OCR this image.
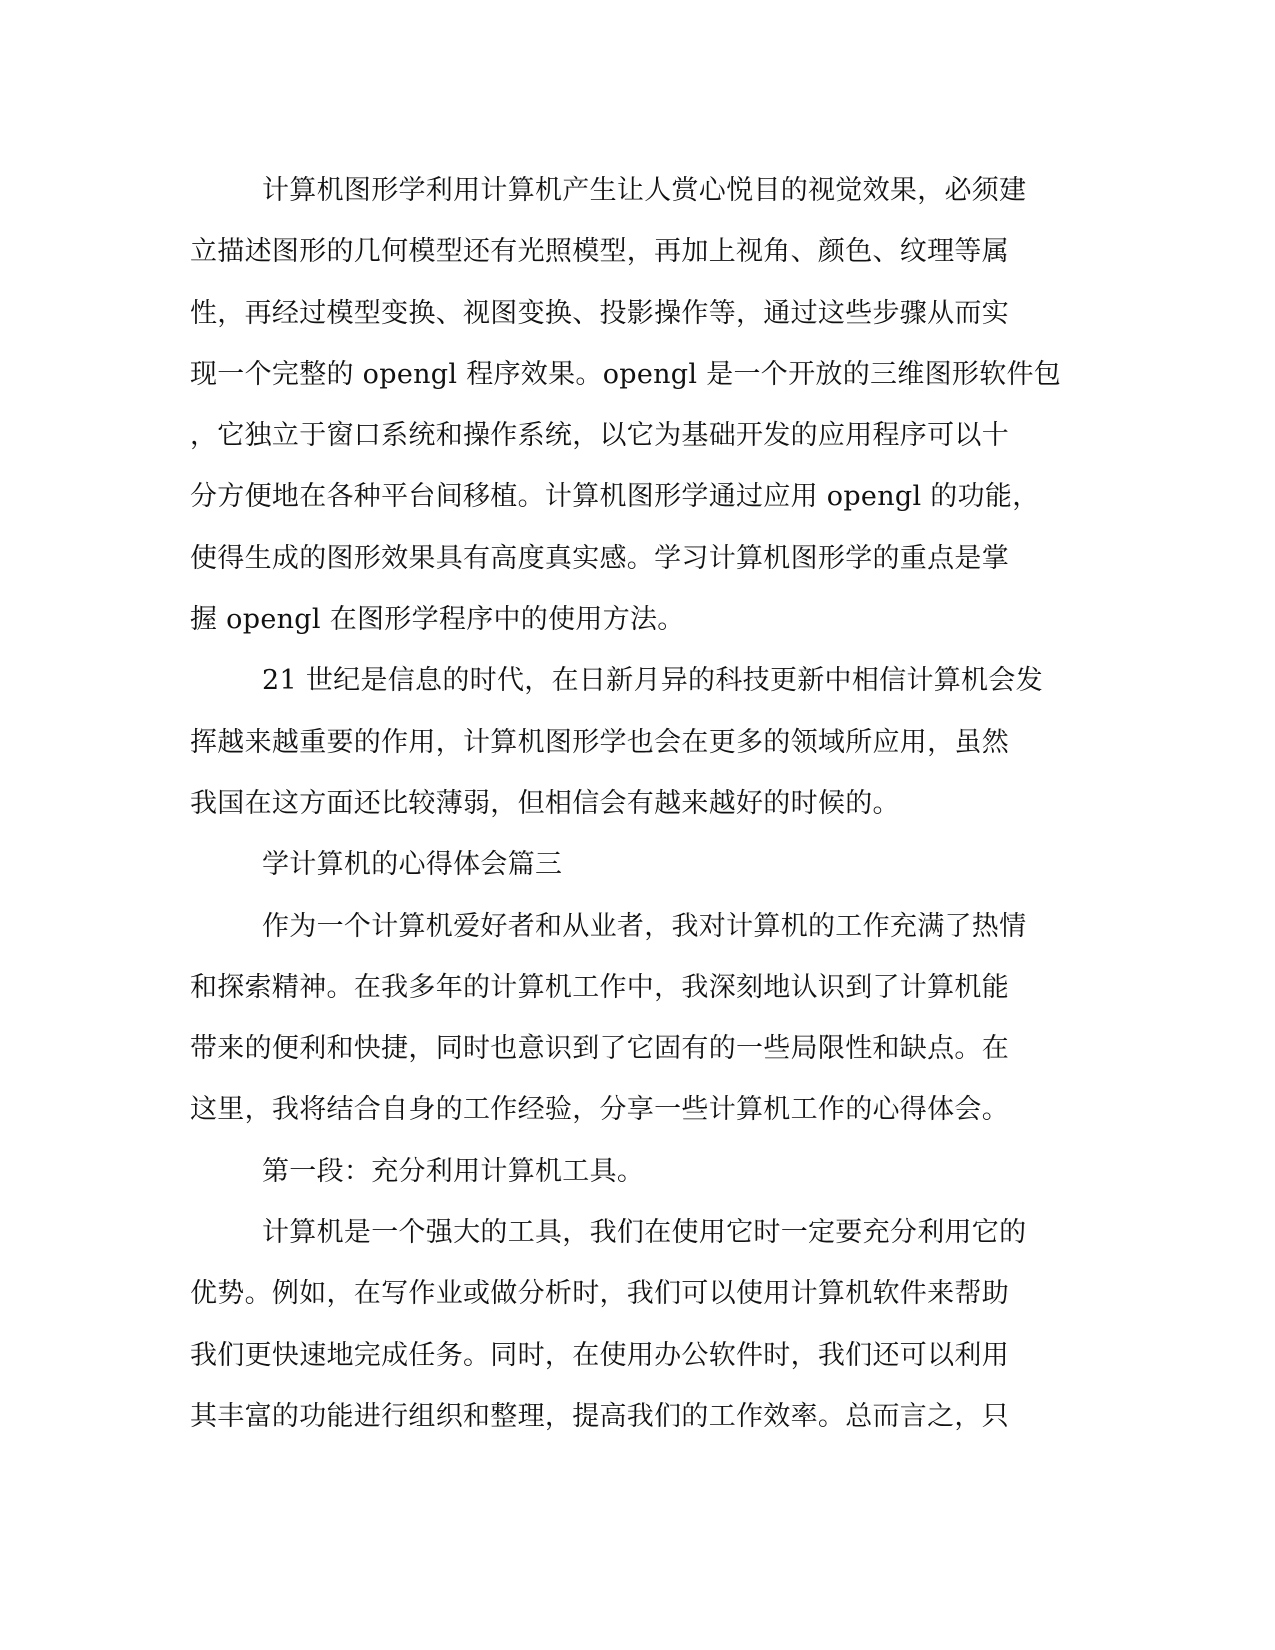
计算机图形学利用计算机产生让人赏心悦目的视觉效果，必须建
立描述图形的几何模型还有光照模型，再加上视角、颜色、纹理等属
性，再经过模型变换、视图变换、投影操作等，通过这些步骤从而实
现一个完整的 opengl 程序效果。opengl 是一个开放的三维图形软件包
，它独立于窗口系统和操作系统，以它为基础开发的应用程序可以十
分方便地在各种平台间移植。计算机图形学通过应用 opengl 的功能，
使得生成的图形效果具有高度真实感。学习计算机图形学的重点是掌
握 opengl 在图形学程序中的使用方法。
21 世纪是信息的时代，在日新月异的科技更新中相信计算机会发
挥越来越重要的作用，计算机图形学也会在更多的领域所应用，虽然
我国在这方面还比较薄弱，但相信会有越来越好的时候的。
学计算机的心得体会篇三
作为一个计算机爱好者和从业者，我对计算机的工作充满了热情
和探索精神。在我多年的计算机工作中，我深刻地认识到了计算机能
带来的便利和快捷，同时也意识到了它固有的一些局限性和缺点。在
这里，我将结合自身的工作经验，分享一些计算机工作的心得体会。
第一段：充分利用计算机工具。
计算机是一个强大的工具，我们在使用它时一定要充分利用它的
优势。例如，在写作业或做分析时，我们可以使用计算机软件来帮助
我们更快速地完成任务。同时，在使用办公软件时，我们还可以利用
其丰富的功能进行组织和整理，提高我们的工作效率。总而言之，只
